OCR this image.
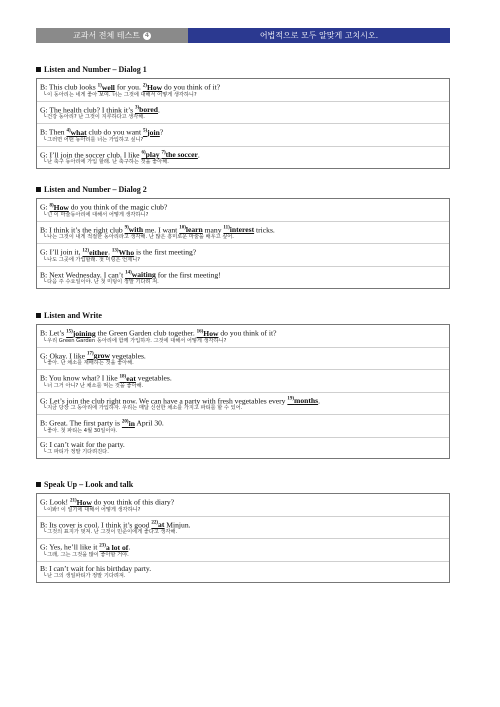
교과서 전체 테스트 4	어법적으로 모두 알맞게 고치시오.
Listen and Number – Dialog 1
B: This club looks $^{1)}$well for you. $^{2)}$How do you think of it?
└이 동아리는 네게 좋아 보여. 너는 그것에 대해서 어떻게 생각하니?
G: The health club? I think it’s $^{3)}$bored.
└건강 동아리? 난 그것이 지루하다고 생각해.
B: Then $^{4)}$what club do you want $^{5)}$join?
└그러면 어떤 동아리를 너는 가입하고 싶니?
G: I’ll join the soccer club. I like $^{6)}$play $^{7)}$the soccer.
└난 축구 동아리에 가입 할래. 난 축구하는 것을 좋아해.
Listen and Number – Dialog 2
G: $^{8)}$How do you think of the magic club?
└넌 이 마술동아리에 대해서 어떻게 생각하니?
B: I think it’s the right club $^{9)}$with me. I want $^{10)}$learn many $^{11)}$interest tricks.
└나는 그것이 내게 적절한 동아리라고 생각해. 난 많은 흥미로운 마술을 배우고 싶어.
G: I’ll join it, $^{12)}$either. $^{13)}$Who is the first meeting?
└나도 그곳에 가입할래. 첫 미팅은 언제니?
B: Next Wednesday. I can’t $^{14)}$waiting for the first meeting!
└다음 주 수요일이야. 난 첫 미팅이 정말 기다려 져.
Listen and Write
B: Let’s $^{15)}$joining the Green Garden club together. $^{16)}$How do you think of it?
└우리 Green Garden 동아리에 함께 가입하자. 그것에 대해서 어떻게 생각하니?
G: Okay. I like $^{17)}$grow vegetables.
└좋아. 난 채소를 재배하는 것을 좋아해.
B: You know what? I like $^{18)}$eat vegetables.
└너 그거 아니? 난 채소를 먹는 것을 좋아해.
G: Let’s join the club right now. We can have a party with fresh vegetables every $^{19)}$months.
└지금 당장 그 동아리에 가입하자. 우리는 매달 신선한 채소를 가지고 파티를 할 수 있어.
B: Great. The first party is $^{20)}$in April 30.
└좋아. 첫 파티는 4월 30일이야.
G: I can’t wait for the party.
└그 파티가 정말 기다려진다.
Speak Up – Look and talk
G: Look! $^{21)}$How do you think of this diary?
└이봐! 이 일기에 대해서 어떻게 생각하니?
B: Its cover is cool. I think it’s good $^{22)}$at Minjun.
└그것의 표지가 멋져. 난 그것이 민준이에게 좋다고 생각해.
G: Yes, he’ll like it $^{23)}$a lot of.
└그래, 그는 그것을 많이 좋아할 거야.
B: I can’t wait for his birthday party.
└난 그의 생일파티가 정말 기다려져.
